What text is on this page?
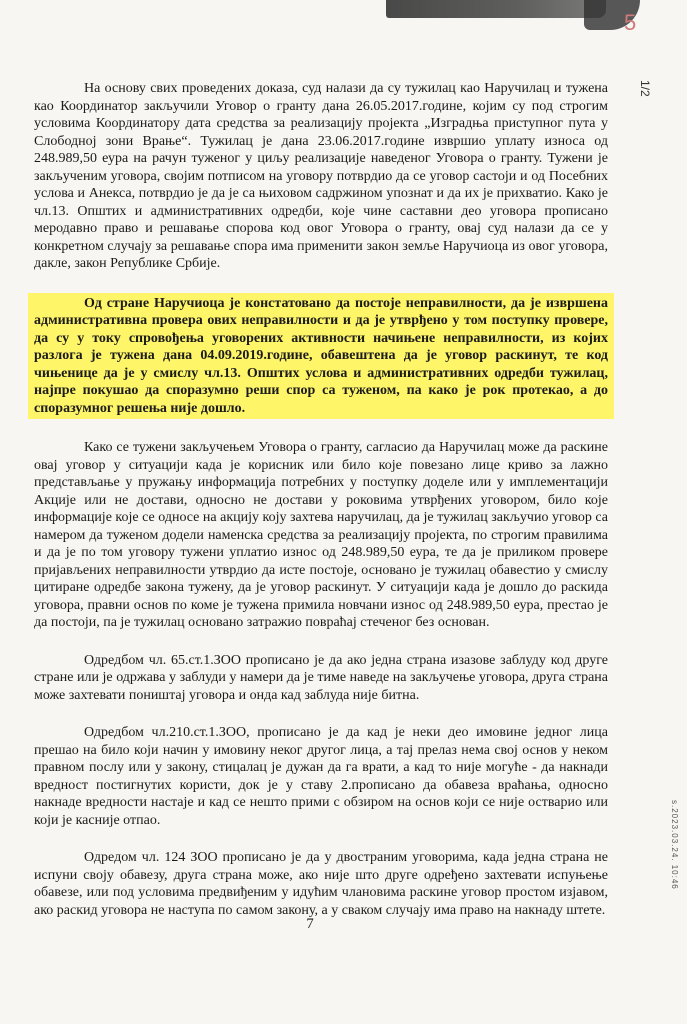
5
1/2
s.2023.03.24. 10:46

На основу свих проведених доказа, суд налази да су тужилац као Наручилац и тужена као Координатор закључили Уговор о гранту дана 26.05.2017.године, којим су под строгим условима Координатору дата средства за реализацију пројекта „Изградња приступног пута у Слободној зони Врање“. Тужилац је дана 23.06.2017.године извршио уплату износа од 248.989,50 еура на рачун туженог у циљу реализације наведеног Уговора о гранту. Тужени је закљученим уговора, својим потписом на уговору потврдио да се уговор састоји и од Посебних услова и Анекса, потврдио је да је са њиховом садржином упознат и да их је прихватио. Како је чл.13. Општих и административних одредби, које чине саставни део уговора прописано меродавно право и решавање спорова код овог Уговора о гранту, овај суд налази да се у конкретном случају за решавање спора има применити закон земље Наручиоца из овог уговора, дакле, закон Републике Србије.

Од стране Наручиоца је констатовано да постоје неправилности, да је извршена административна провера ових неправилности и да је утврђено у том поступку провере, да су у току спровођења уговорених активности начињене неправилности, из којих разлога је тужена дана 04.09.2019.године, обавештена да је уговор раскинут, те код чињенице да је у смислу чл.13. Општих услова и административних одредби тужилац, најпре покушао да споразумно реши спор са туженом, па како је рок протекао, а до споразумног решења није дошло.

Како се тужени закључењем Уговора о гранту, сагласио да Наручилац може да раскине овај уговор у ситуацији када је корисник или било које повезано лице криво за лажно представљање у пружању информација потребних у поступку доделе или у имплементацији Акције или не достави, односно не достави у роковима утврђених уговором, било које информације које се односе на акцију коју захтева наручилац, да је тужилац закључио уговор са намером да туженом додели наменска средства за реализацију пројекта, по строгим правилима и да је по том уговору тужени уплатио износ од 248.989,50 еура, те да је приликом провере пријављених неправилности утврдио да исте постоје, основано је тужилац обавестио у смислу цитиране одредбе закона тужену, да је уговор раскинут. У ситуацији када је дошло до раскида уговора, правни основ по коме је тужена примила новчани износ од 248.989,50 еура, престао је да постоји, па је тужилац основано затражио повраћај стеченог без основан.

Одредбом чл. 65.ст.1.ЗОО прописано је да ако једна страна изазове заблуду код друге стране или је одржава у заблуди у намери да је тиме наведе на закључење уговора, друга страна може захтевати поништај уговора и онда кад заблуда није битна.

Одредбом чл.210.ст.1.ЗОО, прописано је да кад је неки део имовине једног лица прешао на било који начин у имовину неког другог лица, а тај прелаз нема свој основ у неком правном послу или у закону, стицалац је дужан да га врати, а кад то није могуће - да накнади вредност постигнутих користи, док је у ставу 2.прописано да обавеза враћања, односно накнаде вредности настаје и кад се нешто прими с обзиром на основ који се није остварио или који је касније отпао.

Одредом чл. 124 ЗОО прописано је да у двостраним уговорима, када једна страна не испуни своју обавезу, друга страна може, ако није што друге одређено захтевати испуњење обавезе, или под условима предвиђеним у идућим члановима раскине уговор простом изјавом, ако раскид уговора не наступа по самом закону, а у сваком случају има право на накнаду штете.

7
